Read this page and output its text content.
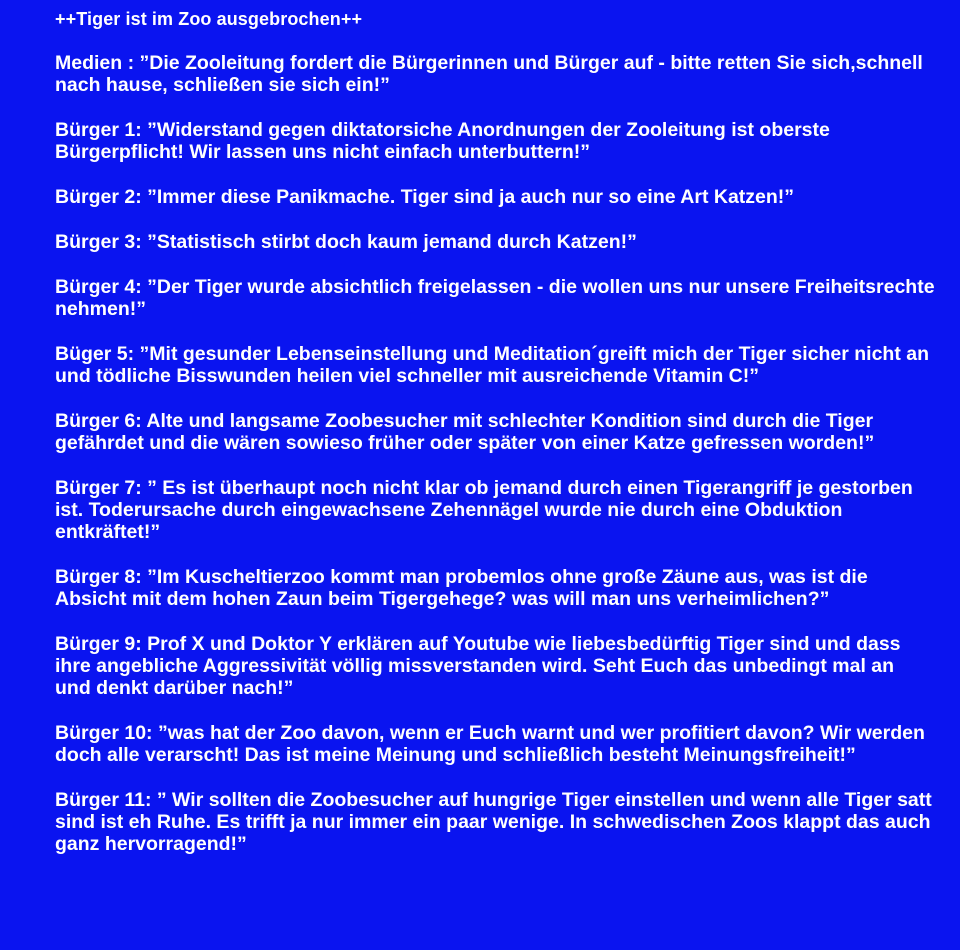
++Tiger ist im Zoo ausgebrochen++
Medien : ”Die Zooleitung fordert die Bürgerinnen und Bürger auf - bitte retten Sie sich,schnell nach hause, schließen sie sich ein!”
Bürger 1: ”Widerstand gegen diktatorsiche Anordnungen der Zooleitung ist oberste Bürgerpflicht! Wir lassen uns nicht einfach unterbuttern!”
Bürger 2: ”Immer diese Panikmache. Tiger sind ja auch nur so eine Art Katzen!”
Bürger 3: ”Statistisch stirbt doch kaum jemand durch Katzen!”
Bürger 4: ”Der Tiger wurde absichtlich freigelassen - die wollen uns nur unsere Freiheitsrechte nehmen!”
Büger 5: ”Mit gesunder Lebenseinstellung und Meditation´greift mich der Tiger sicher nicht an und tödliche Bisswunden heilen viel schneller mit ausreichende Vitamin C!”
Bürger 6: Alte und langsame Zoobesucher mit schlechter Kondition sind durch die Tiger gefährdet und die wären sowieso früher oder später von einer Katze gefressen worden!”
Bürger 7: ” Es ist überhaupt noch nicht klar ob jemand durch einen Tigerangriff je gestorben ist. Toderursache durch eingewachsene Zehennägel wurde nie durch eine Obduktion entkräftet!”
Bürger 8: ”Im Kuscheltierzoo kommt man probemlos ohne große Zäune aus, was ist die Absicht mit dem hohen Zaun beim Tigergehege? was will man uns verheimlichen?”
Bürger 9: Prof X und Doktor Y erklären auf Youtube wie liebesbedürftig Tiger sind und dass ihre angebliche Aggressivität völlig missverstanden wird. Seht Euch das unbedingt mal an und denkt darüber nach!”
Bürger 10: ”was hat der Zoo davon, wenn er Euch warnt und wer profitiert davon? Wir werden doch alle verarscht! Das ist meine Meinung und schließlich besteht Meinungsfreiheit!”
Bürger 11: ” Wir sollten die Zoobesucher auf hungrige Tiger einstellen und wenn alle Tiger satt sind ist eh Ruhe. Es trifft ja nur immer ein paar wenige. In schwedischen Zoos klappt das auch ganz hervorragend!”
